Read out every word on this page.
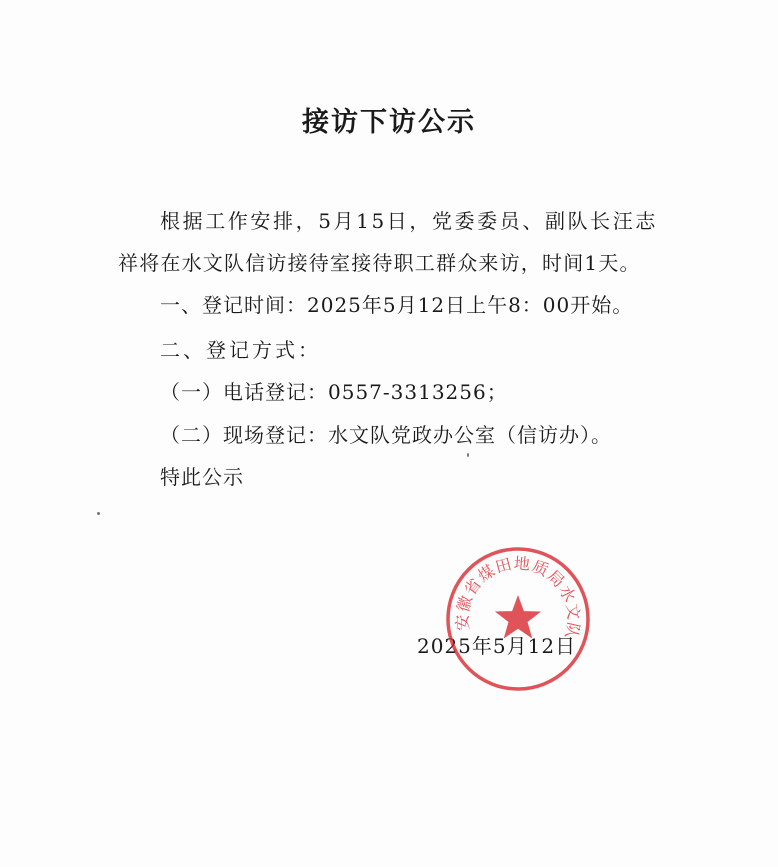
接访下访公示
根据工作安排，5月15日，党委委员、副队长汪志
祥将在水文队信访接待室接待职工群众来访，时间1天。
一、登记时间：2025年5月12日上午8：00开始。
二、登记方式：
（一）电话登记：0557-3313256；
（二）现场登记：水文队党政办公室（信访办）。
特此公示
2025年5月12日
安徽省煤田地质局水文队
